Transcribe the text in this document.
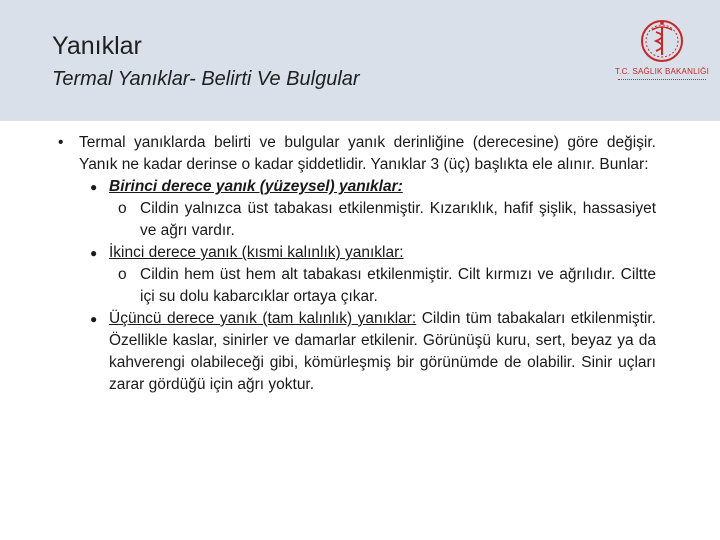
Yanıklar
Termal Yanıklar- Belirti Ve Bulgular	T.C. SAĞLIK BAKANLIĞI
• Termal yanıklarda belirti ve bulgular yanık derinliğine (derecesine) göre değişir. Yanık ne kadar derinse o kadar şiddetlidir. Yanıklar 3 (üç) başlıkta ele alınır. Bunlar:
● Birinci derece yanık (yüzeysel) yanıklar:
o Cildin yalnızca üst tabakası etkilenmiştir. Kızarıklık, hafif şişlik, hassasiyet ve ağrı vardır.
● İkinci derece yanık (kısmi kalınlık) yanıklar:
o Cildin hem üst hem alt tabakası etkilenmiştir. Cilt kırmızı ve ağrılıdır. Ciltte içi su dolu kabarcıklar ortaya çıkar.
● Üçüncü derece yanık (tam kalınlık) yanıklar: Cildin tüm tabakaları etkilenmiştir. Özellikle kaslar, sinirler ve damarlar etkilenir. Görünüşü kuru, sert, beyaz ya da kahverengi olabileceği gibi, kömürleşmiş bir görünümde de olabilir. Sinir uçları zarar gördüğü için ağrı yoktur.
